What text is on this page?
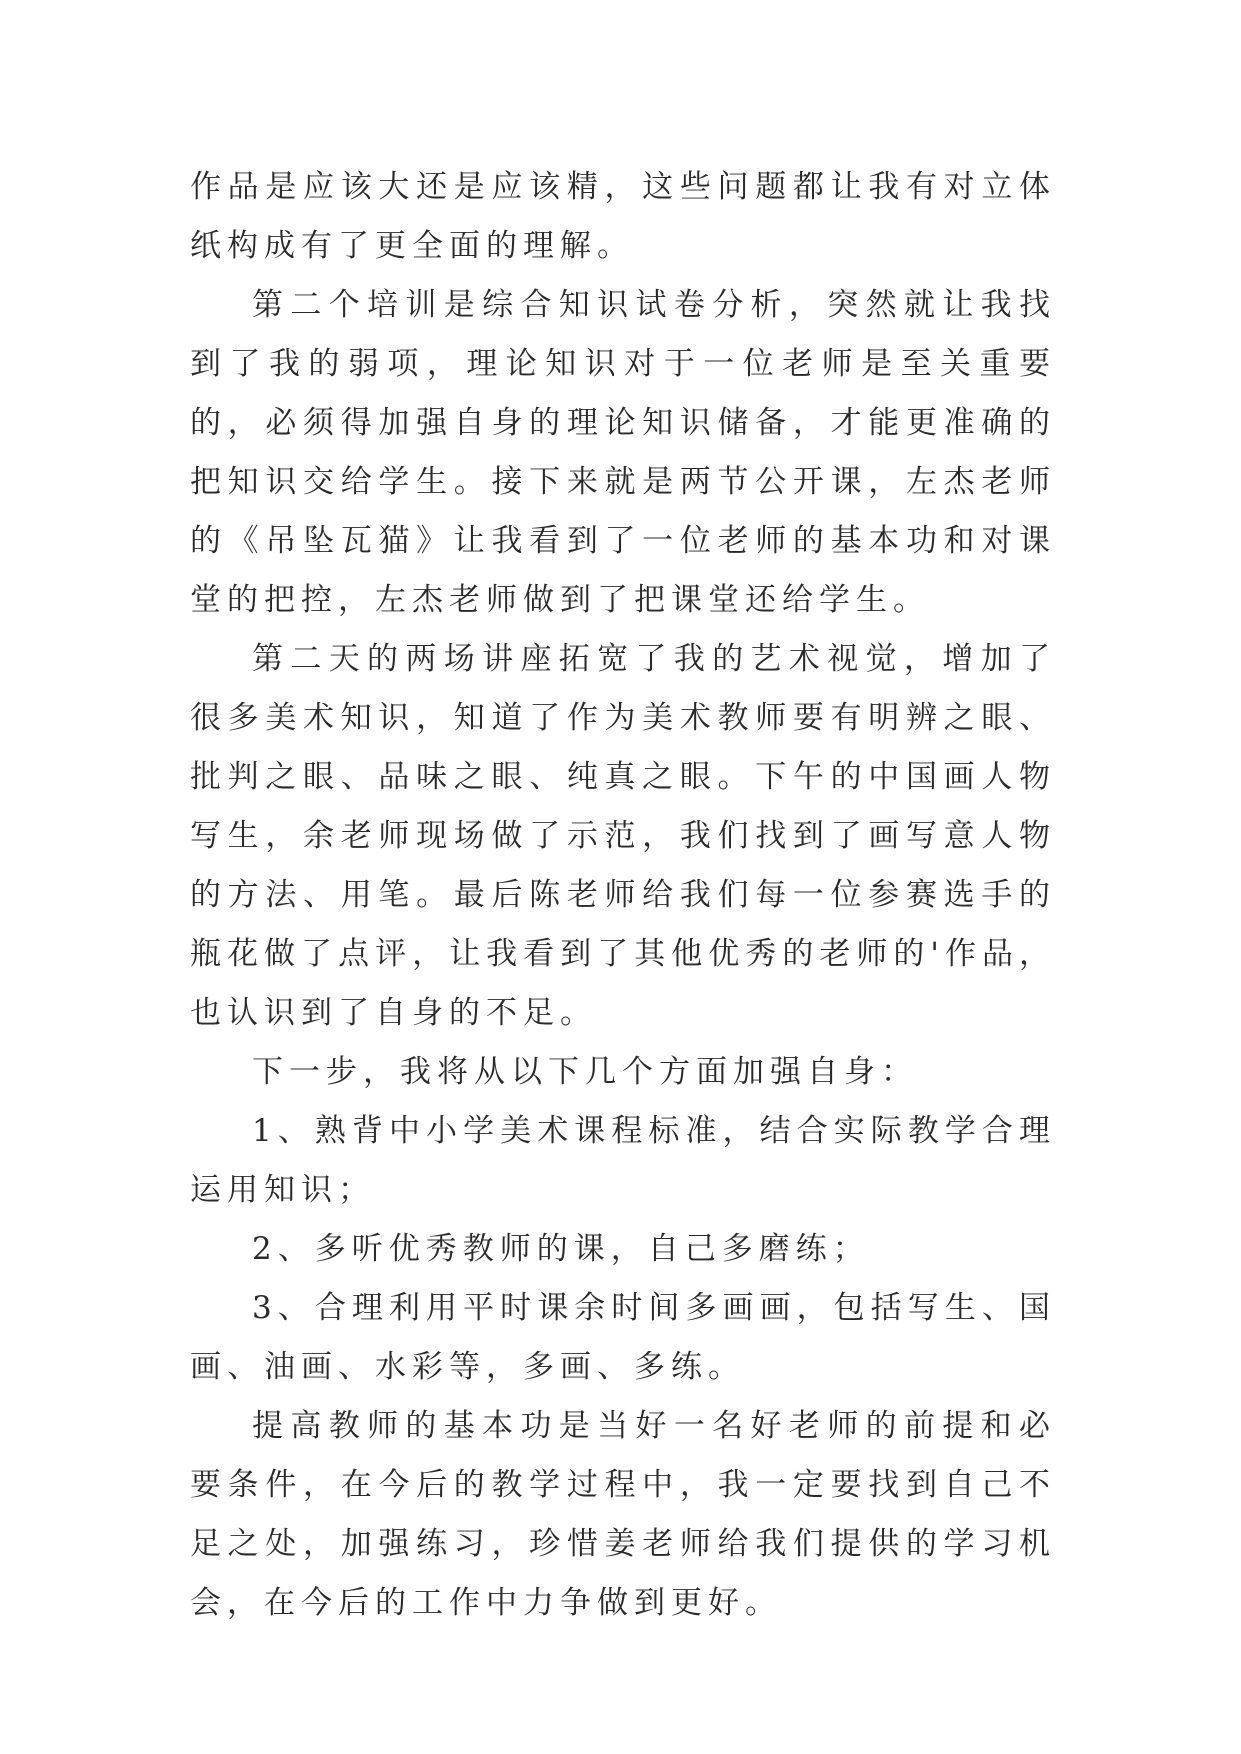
作品是应该大还是应该精，这些问题都让我有对立体纸构成有了更全面的理解。

第二个培训是综合知识试卷分析，突然就让我找到了我的弱项，理论知识对于一位老师是至关重要的，必须得加强自身的理论知识储备，才能更准确的把知识交给学生。接下来就是两节公开课，左杰老师的《吊坠瓦猫》让我看到了一位老师的基本功和对课堂的把控，左杰老师做到了把课堂还给学生。

第二天的两场讲座拓宽了我的艺术视觉，增加了很多美术知识，知道了作为美术教师要有明辨之眼、批判之眼、品味之眼、纯真之眼。下午的中国画人物写生，余老师现场做了示范，我们找到了画写意人物的方法、用笔。最后陈老师给我们每一位参赛选手的瓶花做了点评，让我看到了其他优秀的老师的'作品，也认识到了自身的不足。

下一步，我将从以下几个方面加强自身：

1、熟背中小学美术课程标准，结合实际教学合理运用知识；

2、多听优秀教师的课，自己多磨练；

3、合理利用平时课余时间多画画，包括写生、国画、油画、水彩等，多画、多练。

提高教师的基本功是当好一名好老师的前提和必要条件，在今后的教学过程中，我一定要找到自己不足之处，加强练习，珍惜姜老师给我们提供的学习机会，在今后的工作中力争做到更好。
